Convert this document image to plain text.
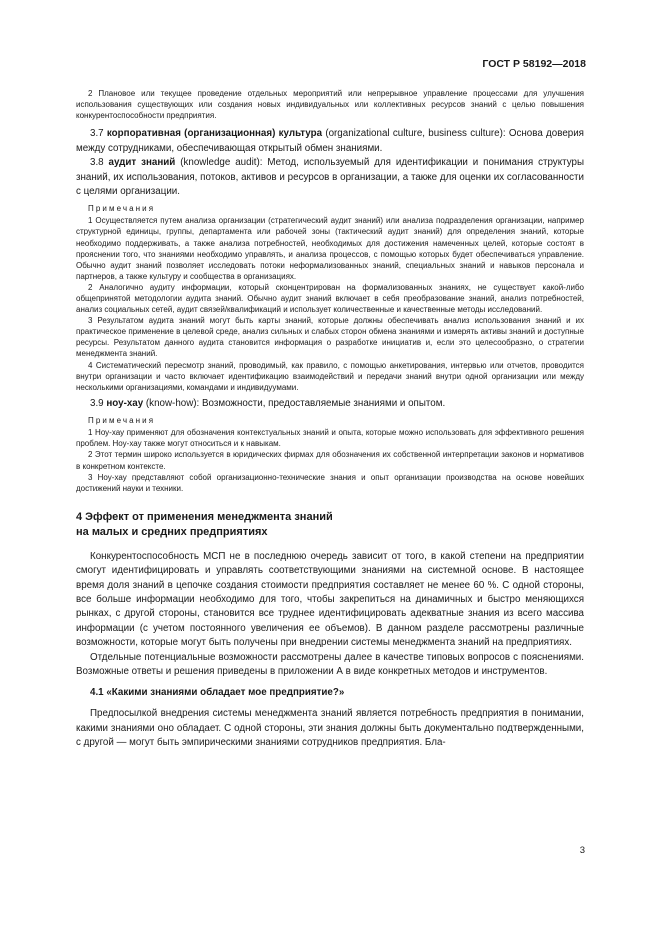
ГОСТ Р 58192—2018

2 Плановое или текущее проведение отдельных мероприятий или непрерывное управление процессами для улучшения использования существующих или создания новых индивидуальных или коллективных ресурсов знаний с целью повышения конкурентоспособности предприятия.

3.7 корпоративная (организационная) культура (organizational culture, business culture): Основа доверия между сотрудниками, обеспечивающая открытый обмен знаниями.

3.8 аудит знаний (knowledge audit): Метод, используемый для идентификации и понимания структуры знаний, их использования, потоков, активов и ресурсов в организации, а также для оценки их согласованности с целями организации.

Примечания

1 Осуществляется путем анализа организации (стратегический аудит знаний) или анализа подразделения организации, например структурной единицы, группы, департамента или рабочей зоны (тактический аудит знаний) для определения знаний, которые необходимо поддерживать, а также анализа потребностей, необходимых для достижения намеченных целей, которые состоят в прояснении того, что знаниями необходимо управлять, и анализа процессов, с помощью которых будет обеспечиваться управление. Обычно аудит знаний позволяет исследовать потоки неформализованных знаний, специальных знаний и навыков персонала и партнеров, а также культуру и сообщества в организациях.

2 Аналогично аудиту информации, который сконцентрирован на формализованных знаниях, не существует какой-либо общепринятой методологии аудита знаний. Обычно аудит знаний включает в себя преобразование знаний, анализ потребностей, анализ социальных сетей, аудит связей/квалификаций и использует количественные и качественные методы исследований.

3 Результатом аудита знаний могут быть карты знаний, которые должны обеспечивать анализ использования знаний и их практическое применение в целевой среде, анализ сильных и слабых сторон обмена знаниями и измерять активы знаний и доступные ресурсы. Результатом данного аудита становится информация о разработке инициатив и, если это целесообразно, о стратегии менеджмента знаний.

4 Систематический пересмотр знаний, проводимый, как правило, с помощью анкетирования, интервью или отчетов, проводится внутри организации и часто включает идентификацию взаимодействий и передачи знаний внутри одной организации или между несколькими организациями, командами и индивидуумами.

3.9 ноу-хау (know-how): Возможности, предоставляемые знаниями и опытом.

Примечания

1 Ноу-хау применяют для обозначения контекстуальных знаний и опыта, которые можно использовать для эффективного решения проблем. Ноу-хау также могут относиться и к навыкам.

2 Этот термин широко используется в юридических фирмах для обозначения их собственной интерпретации законов и нормативов в конкретном контексте.

3 Ноу-хау представляют собой организационно-технические знания и опыт организации производства на основе новейших достижений науки и техники.

4 Эффект от применения менеджмента знаний
на малых и средних предприятиях

Конкурентоспособность МСП не в последнюю очередь зависит от того, в какой степени на предприятии смогут идентифицировать и управлять соответствующими знаниями на системной основе. В настоящее время доля знаний в цепочке создания стоимости предприятия составляет не менее 60 %. С одной стороны, все больше информации необходимо для того, чтобы закрепиться на динамичных и быстро меняющихся рынках, с другой стороны, становится все труднее идентифицировать адекватные знания из всего массива информации (с учетом постоянного увеличения ее объемов). В данном разделе рассмотрены различные возможности, которые могут быть получены при внедрении системы менеджмента знаний на предприятиях.

Отдельные потенциальные возможности рассмотрены далее в качестве типовых вопросов с пояснениями. Возможные ответы и решения приведены в приложении А в виде конкретных методов и инструментов.

4.1 «Какими знаниями обладает мое предприятие?»

Предпосылкой внедрения системы менеджмента знаний является потребность предприятия в понимании, какими знаниями оно обладает. С одной стороны, эти знания должны быть документально подтвержденными, с другой — могут быть эмпирическими знаниями сотрудников предприятия. Бла-

3
